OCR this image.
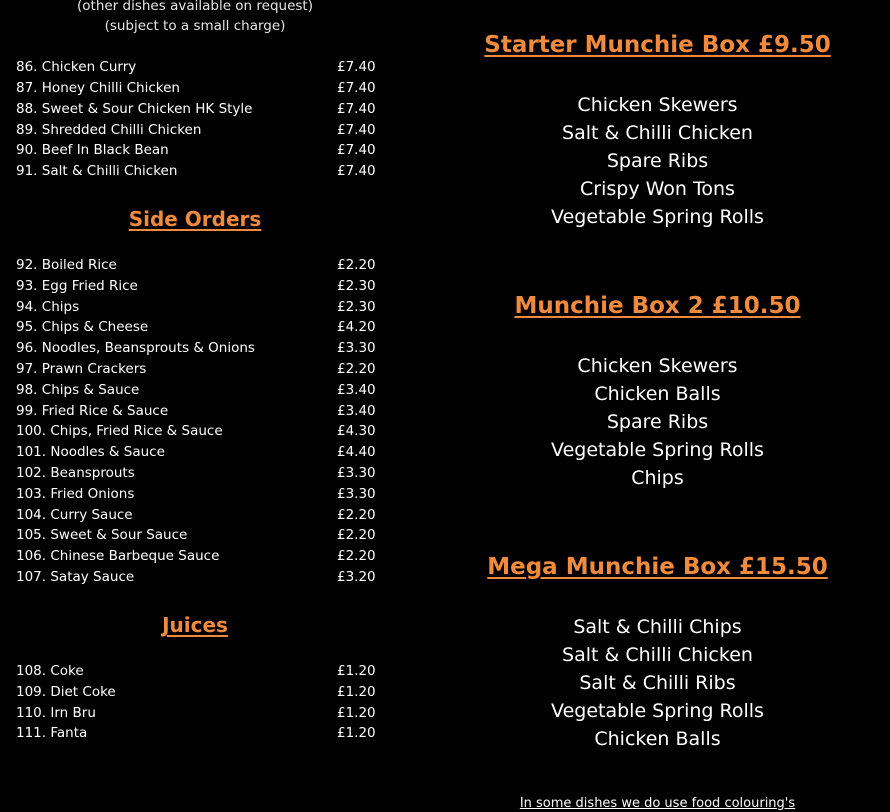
(other dishes available on request)
(subject to a small charge)
86. Chicken Curry	£7.40
87. Honey Chilli Chicken	£7.40
88. Sweet & Sour Chicken HK Style	£7.40
89. Shredded Chilli Chicken	£7.40
90. Beef In Black Bean	£7.40
91. Salt & Chilli Chicken	£7.40
Side Orders
92. Boiled Rice	£2.20
93. Egg Fried Rice	£2.30
94. Chips	£2.30
95. Chips & Cheese	£4.20
96. Noodles, Beansprouts & Onions	£3.30
97. Prawn Crackers	£2.20
98. Chips & Sauce	£3.40
99. Fried Rice & Sauce	£3.40
100. Chips, Fried Rice & Sauce	£4.30
101. Noodles & Sauce	£4.40
102. Beansprouts	£3.30
103. Fried Onions	£3.30
104. Curry Sauce	£2.20
105. Sweet & Sour Sauce	£2.20
106. Chinese Barbeque Sauce	£2.20
107. Satay Sauce	£3.20
Juices
108. Coke	£1.20
109. Diet Coke	£1.20
110. Irn Bru	£1.20
111. Fanta	£1.20
Starter Munchie Box £9.50
Chicken Skewers
Salt & Chilli Chicken
Spare Ribs
Crispy Won Tons
Vegetable Spring Rolls
Munchie Box 2 £10.50
Chicken Skewers
Chicken Balls
Spare Ribs
Vegetable Spring Rolls
Chips
Mega Munchie Box £15.50
Salt & Chilli Chips
Salt & Chilli Chicken
Salt & Chilli Ribs
Vegetable Spring Rolls
Chicken Balls
In some dishes we do use food colouring's
